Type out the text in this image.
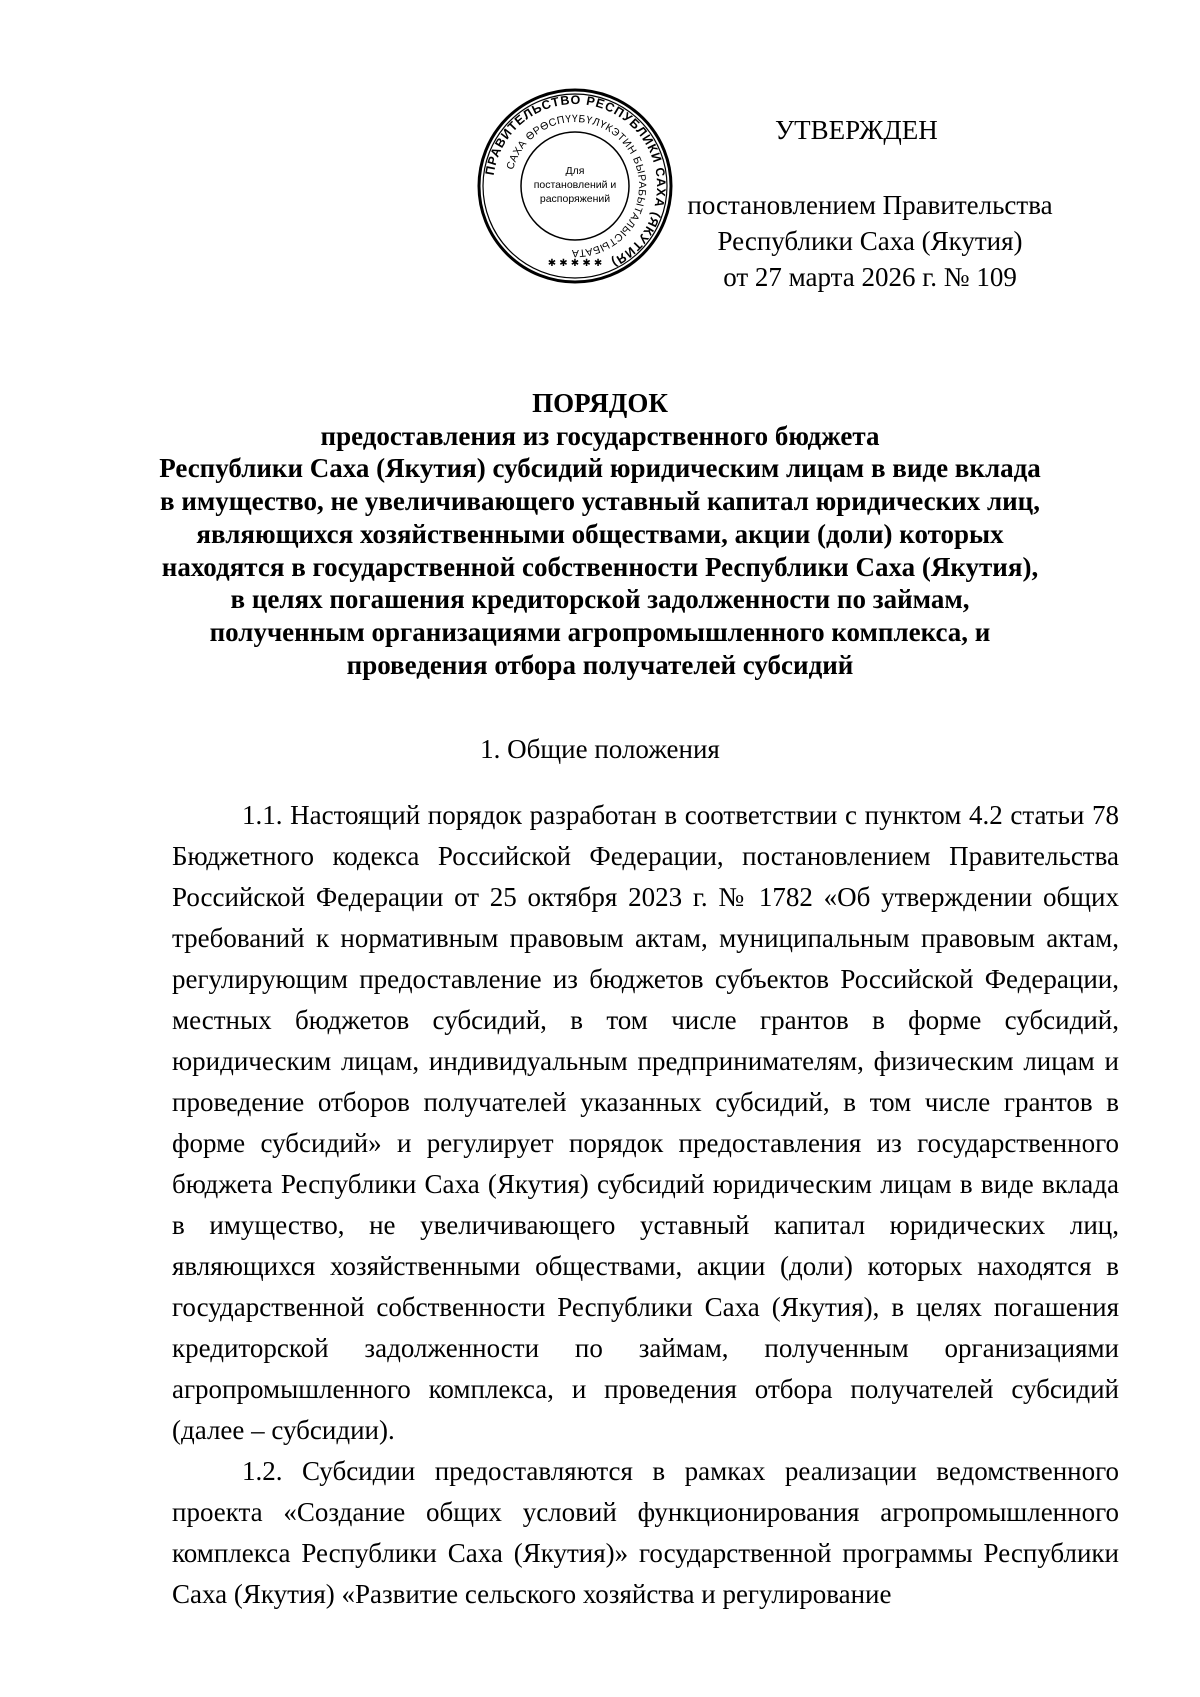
ПРАВИТЕЛЬСТВО РЕСПУБЛИКИ САХА (ЯКУТИЯ)
САХА ӨРӨСПҮҮБҮЛҮКЭТИН БЫРАБЫТАЛЫСТЫБАТА
Для
постановлений и
распоряжений
✱ ✱ ✱ ✱ ✱
УТВЕРЖДЕН
постановлением Правительства
Республики Саха (Якутия)
от 27 марта 2026 г. № 109
ПОРЯДОК
предоставления из государственного бюджета
Республики Саха (Якутия) субсидий юридическим лицам в виде вклада
в имущество, не увеличивающего уставный капитал юридических лиц,
являющихся хозяйственными обществами, акции (доли) которых
находятся в государственной собственности Республики Саха (Якутия),
в целях погашения кредиторской задолженности по займам,
полученным организациями агропромышленного комплекса, и
проведения отбора получателей субсидий
1. Общие положения

1.1. Настоящий порядок разработан в соответствии с пунктом 4.2 статьи 78 Бюджетного кодекса Российской Федерации, постановлением Правительства Российской Федерации от 25 октября 2023 г. № 1782 «Об утверждении общих требований к нормативным правовым актам, муниципальным правовым актам, регулирующим предоставление из бюджетов субъектов Российской Федерации, местных бюджетов субсидий, в том числе грантов в форме субсидий, юридическим лицам, индивидуальным предпринимателям, физическим лицам и проведение отборов получателей указанных субсидий, в том числе грантов в форме субсидий» и регулирует порядок предоставления из государственного бюджета Республики Саха (Якутия) субсидий юридическим лицам в виде вклада в имущество, не увеличивающего уставный капитал юридических лиц, являющихся хозяйственными обществами, акции (доли) которых находятся в государственной собственности Республики Саха (Якутия), в целях погашения кредиторской задолженности по займам, полученным организациями агропромышленного комплекса, и проведения отбора получателей субсидий (далее – субсидии).

1.2. Субсидии предоставляются в рамках реализации ведомственного проекта «Создание общих условий функционирования агропромышленного комплекса Республики Саха (Якутия)» государственной программы Республики Саха (Якутия) «Развитие сельского хозяйства и регулирование
